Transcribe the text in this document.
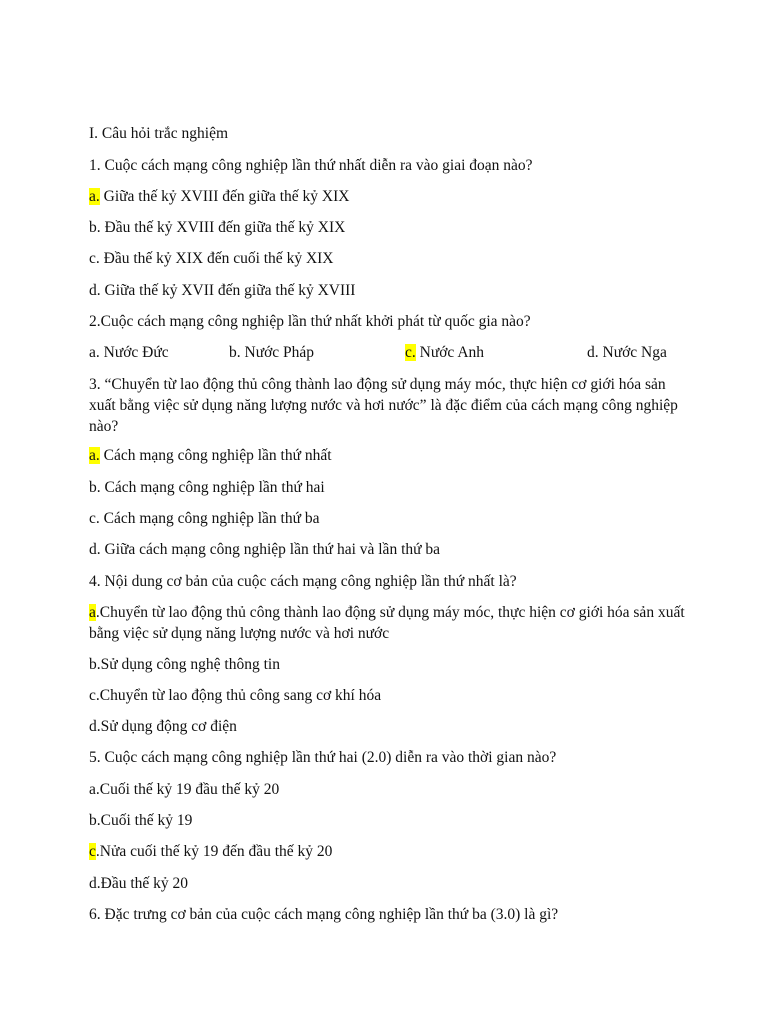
I. Câu hỏi trắc nghiệm
1. Cuộc cách mạng công nghiệp lần thứ nhất diễn ra vào giai đoạn nào?
a. Giữa thế kỷ XVIII đến giữa thế kỷ XIX
b. Đầu thế kỷ XVIII đến giữa thế kỷ XIX
c. Đầu thế kỷ XIX đến cuối thế kỷ XIX
d. Giữa thế kỷ XVII đến giữa thế kỷ XVIII
2.Cuộc cách mạng công nghiệp lần thứ nhất khởi phát từ quốc gia nào?
a. Nước Đức	b. Nước Pháp	c. Nước Anh	d. Nước Nga
3. “Chuyển từ lao động thủ công thành lao động sử dụng máy móc, thực hiện cơ giới hóa sản xuất bằng việc sử dụng năng lượng nước và hơi nước” là đặc điểm của cách mạng công nghiệp nào?
a. Cách mạng công nghiệp lần thứ nhất
b. Cách mạng công nghiệp lần thứ hai
c. Cách mạng công nghiệp lần thứ ba
d. Giữa cách mạng công nghiệp lần thứ hai và lần thứ ba
4. Nội dung cơ bản của cuộc cách mạng công nghiệp lần thứ nhất là?
a.Chuyển từ lao động thủ công thành lao động sử dụng máy móc, thực hiện cơ giới hóa sản xuất bằng việc sử dụng năng lượng nước và hơi nước
b.Sử dụng công nghệ thông tin
c.Chuyển từ lao động thủ công sang cơ khí hóa
d.Sử dụng động cơ điện
5. Cuộc cách mạng công nghiệp lần thứ hai (2.0) diễn ra vào thời gian nào?
a.Cuối thế kỷ 19 đầu thế kỷ 20
b.Cuối thế kỷ 19
c.Nửa cuối thế kỷ 19 đến đầu thế kỷ 20
d.Đầu thế kỷ 20
6. Đặc trưng cơ bản của cuộc cách mạng công nghiệp lần thứ ba (3.0) là gì?
